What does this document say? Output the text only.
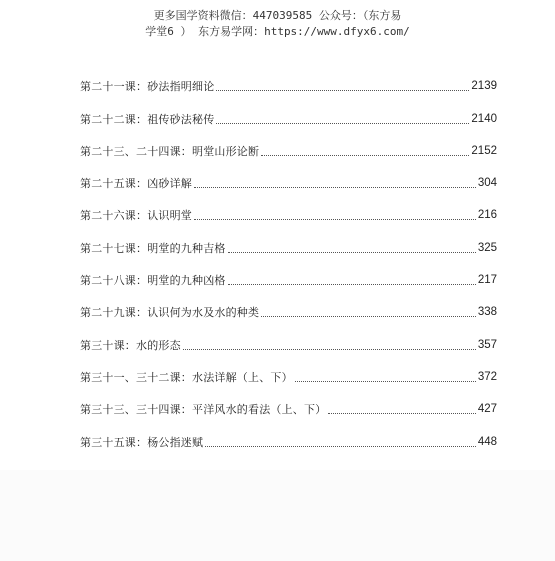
更多国学资料微信：447039585 公众号：（东方易
学堂6 ） 东方易学网：https://www.dfyx6.com/
第二十一课：砂法指明细论	2139
第二十二课：祖传砂法秘传	2140
第二十三、二十四课：明堂山形论断	2152
第二十五课：凶砂详解	304
第二十六课：认识明堂	216
第二十七课：明堂的九种吉格	325
第二十八课：明堂的九种凶格	217
第二十九课：认识何为水及水的种类	338
第三十课：水的形态	357
第三十一、三十二课：水法详解（上、下）	372
第三十三、三十四课：平洋风水的看法（上、下）	427
第三十五课：杨公指迷赋	448
